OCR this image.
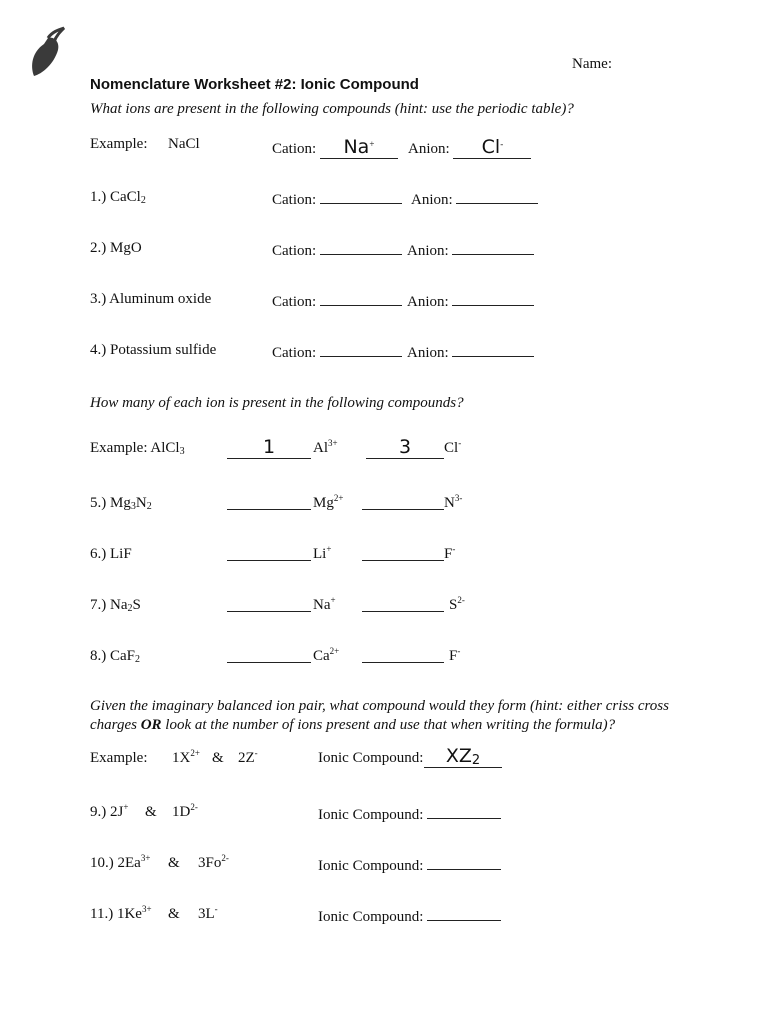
Name:
Nomenclature Worksheet #2: Ionic Compound
What ions are present in the following compounds (hint: use the periodic table)?
Example: NaCl	Cation: Na+	Anion: Cl-
1.) CaCl$_2$	Cation:	Anion:
2.) MgO	Cation:	Anion:
3.) Aluminum oxide	Cation:	Anion:
4.) Potassium sulfide	Cation:	Anion:
How many of each ion is present in the following compounds?
Example: AlCl$_3$	1	$Al^{3+}$	3	Cl-
5.) $Mg_3N_2$	$Mg^{2+}$	$N^{3-}$
6.) LiF	Li+	F-
7.) $Na_2S$	Na+	$S^{2-}$
8.) CaF$_2$	$Ca^{2+}$	F-
Given the imaginary balanced ion pair, what compound would they form (hint: either criss cross
charges OR look at the number of ions present and use that when writing the formula)?
Example: $1X^{2+}$ & 2Z-	Ionic Compound:	$XZ_2$
9.) 2J+ & $1D^{2-}$	Ionic Compound:
10.) $2Ea^{3+}$ & $3Fo^{2-}$	Ionic Compound:
11.) $1Ke^{3+}$ & 3L-	Ionic Compound:
